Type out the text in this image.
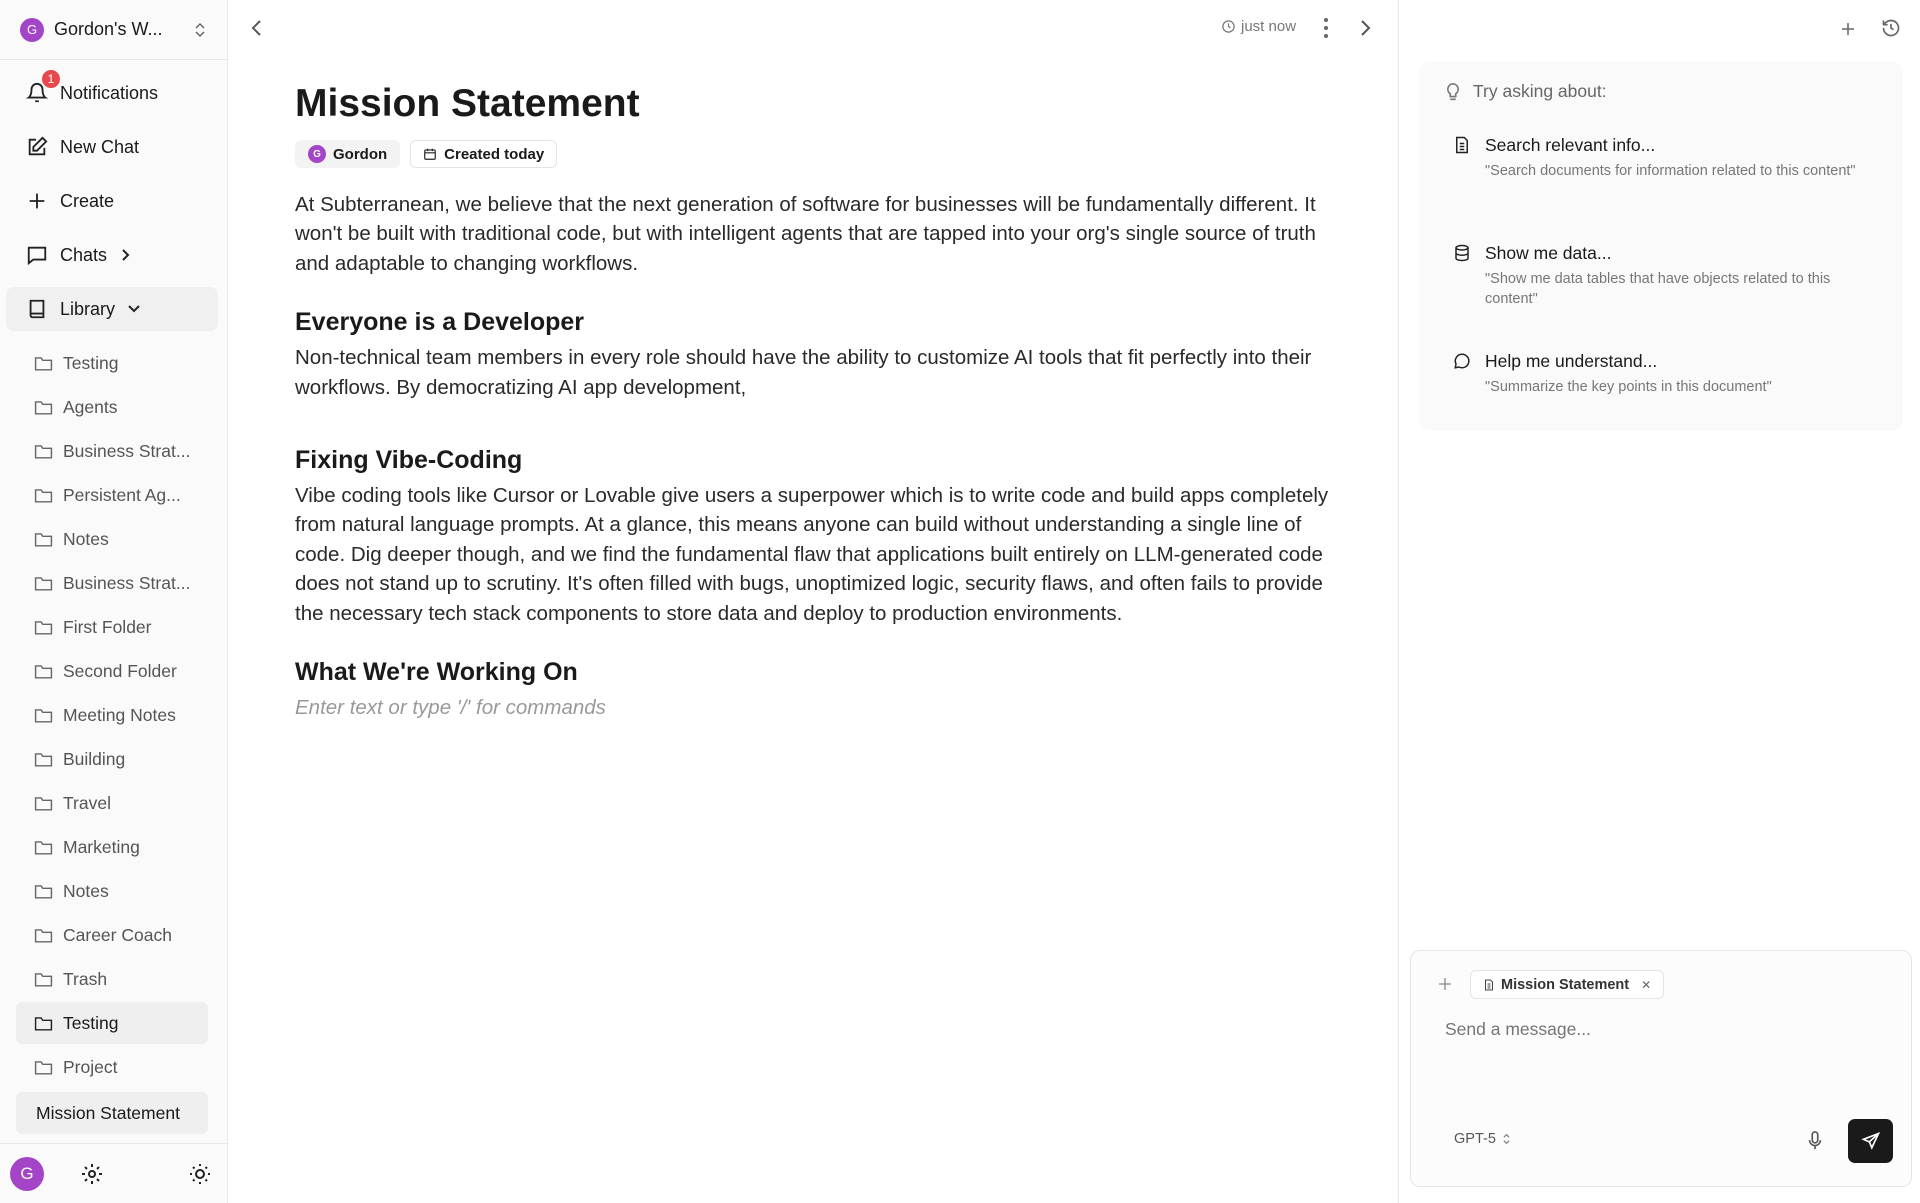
G Gordon's W...
1
Notifications
New Chat
Create
Chats
Library
Testing
Agents
Business Strat...
Persistent Ag...
Notes
Business Strat...
First Folder
Second Folder
Meeting Notes
Building
Travel
Marketing
Notes
Career Coach
Trash
Testing
Project
Mission Statement
G
just now
Mission Statement
G Gordon	Created today

At Subterranean, we believe that the next generation of software for businesses will be fundamentally different. It won't be built with traditional code, but with intelligent agents that are tapped into your org's single source of truth and adaptable to changing workflows.

Everyone is a Developer

Non-technical team members in every role should have the ability to customize AI tools that fit perfectly into their workflows. By democratizing AI app development,

Fixing Vibe-Coding

Vibe coding tools like Cursor or Lovable give users a superpower which is to write code and build apps completely from natural language prompts. At a glance, this means anyone can build without understanding a single line of code. Dig deeper though, and we find the fundamental flaw that applications built entirely on LLM-generated code does not stand up to scrutiny. It's often filled with bugs, unoptimized logic, security flaws, and often fails to provide the necessary tech stack components to store data and deploy to production environments.

What We're Working On

Enter text or type '/' for commands

Try asking about:
Search relevant info...
"Search documents for information related to this content"
Show me data...
"Show me data tables that have objects related to this content"
Help me understand...
"Summarize the key points in this document"
Mission Statement ✕
Send a message...
GPT-5
